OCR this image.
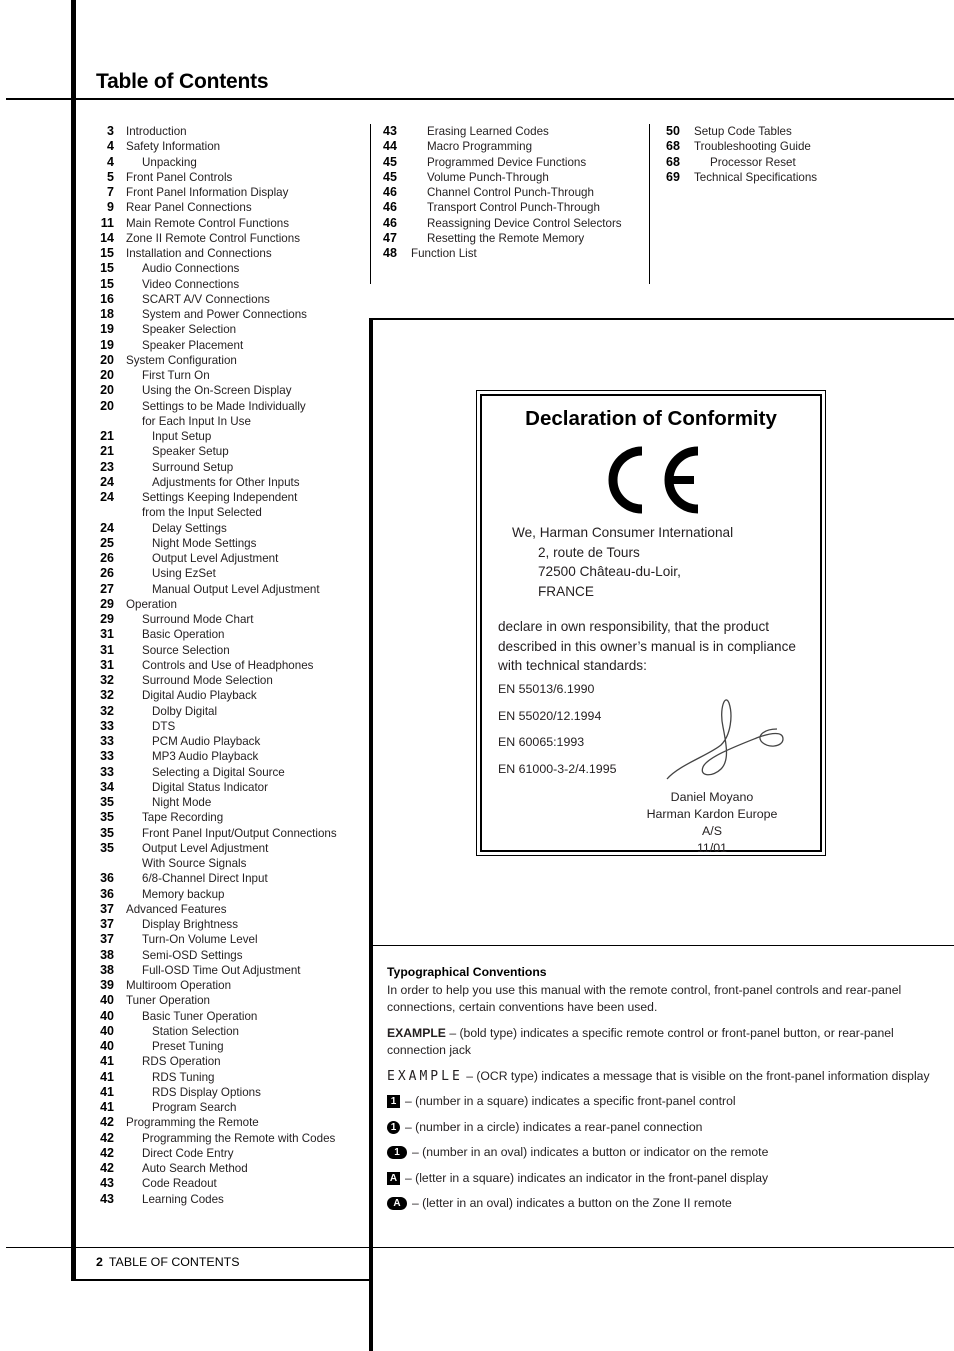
Table of Contents
3 Introduction
4 Safety Information
4 Unpacking
5 Front Panel Controls
7 Front Panel Information Display
9 Rear Panel Connections
11 Main Remote Control Functions
14 Zone II Remote Control Functions
15 Installation and Connections
15 Audio Connections
15 Video Connections
16 SCART A/V Connections
18 System and Power Connections
19 Speaker Selection
19 Speaker Placement
20 System Configuration
20 First Turn On
20 Using the On-Screen Display
20 Settings to be Made Individually
for Each Input In Use
21	Input Setup
21	Speaker Setup
23	Surround Setup
24	Adjustments for Other Inputs
24 Settings Keeping Independent
from the Input Selected
24	Delay Settings
25	Night Mode Settings
26	Output Level Adjustment
26	Using EzSet
27	Manual Output Level Adjustment
29 Operation
29 Surround Mode Chart
31 Basic Operation
31 Source Selection
31 Controls and Use of Headphones
32 Surround Mode Selection
32 Digital Audio Playback
32	Dolby Digital
33	DTS
33	PCM Audio Playback
33	MP3 Audio Playback
33	Selecting a Digital Source
34	Digital Status Indicator
35	Night Mode
35 Tape Recording
35 Front Panel Input/Output Connections
35 Output Level Adjustment
With Source Signals
36 6/8-Channel Direct Input
36 Memory backup
37 Advanced Features
37 Display Brightness
37 Turn-On Volume Level
38 Semi-OSD Settings
38 Full-OSD Time Out Adjustment
39 Multiroom Operation
40 Tuner Operation
40 Basic Tuner Operation
40	Station Selection
40	Preset Tuning
41 RDS Operation
41	RDS Tuning
41	RDS Display Options
41	Program Search
42 Programming the Remote
42 Programming the Remote with Codes
42 Direct Code Entry
42 Auto Search Method
43 Code Readout
43 Learning Codes
43	Erasing Learned Codes
44	Macro Programming
45	Programmed Device Functions
45	Volume Punch-Through
46	Channel Control Punch-Through
46	Transport Control Punch-Through
46	Reassigning Device Control Selectors
47	Resetting the Remote Memory
48 Function List
50 Setup Code Tables
68 Troubleshooting Guide
68	Processor Reset
69 Technical Specifications
Declaration of Conformity
We, Harman Consumer International
2, route de Tours
72500 Château-du-Loir,
FRANCE
declare in own responsibility, that the product
described in this owner’s manual is in compliance
with technical standards:
EN 55013/6.1990
EN 55020/12.1994
EN 60065:1993
EN 61000-3-2/4.1995
Daniel Moyano
Harman Kardon Europe A/S
11/01
Typographical Conventions

In order to help you use this manual with the remote control, front-panel controls and rear-panel connections, certain conventions have been used.

EXAMPLE – (bold type) indicates a specific remote control or front-panel button, or rear-panel connection jack

EXAMPLE – (OCR type) indicates a message that is visible on the front-panel information display
1 – (number in a square) indicates a specific front-panel control
1 – (number in a circle) indicates a rear-panel connection
1	– (number in an oval) indicates a button or indicator on the remote
A – (letter in a square) indicates an indicator in the front-panel display
A – (letter in an oval) indicates a button on the Zone II remote
2 TABLE OF CONTENTS
